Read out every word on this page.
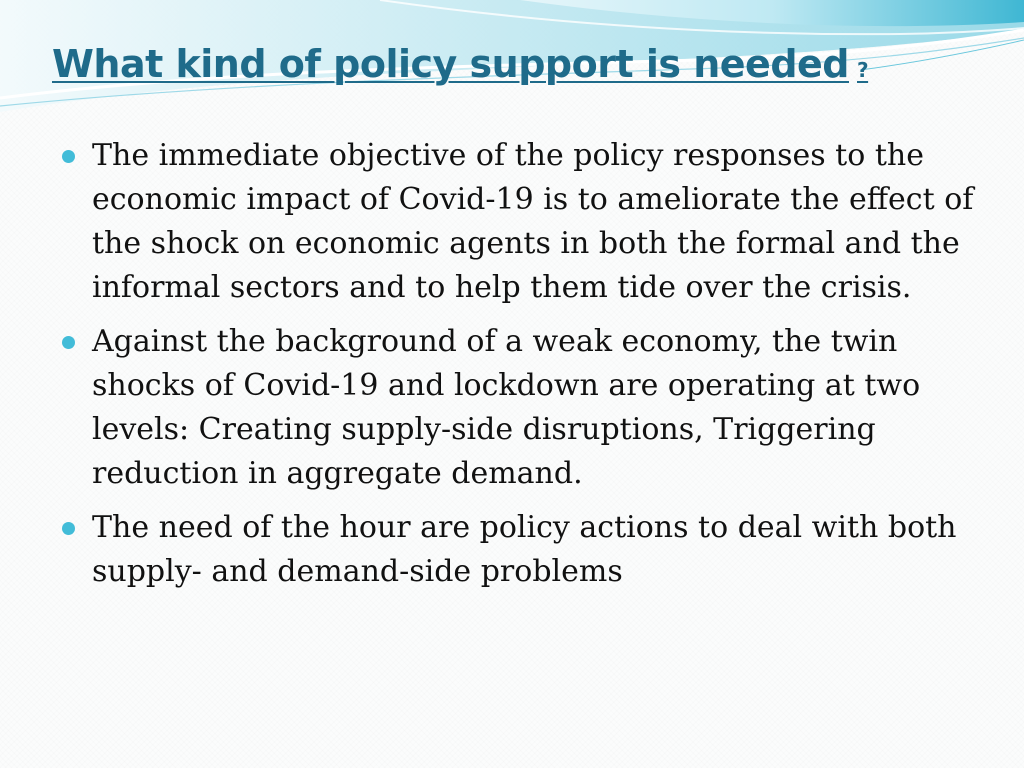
What kind of policy support is needed ?
The immediate objective of the policy responses to the economic impact of Covid-19 is to ameliorate the effect of the shock on economic agents in both the formal and the informal sectors and to help them tide over the crisis.
Against the background of a weak economy, the twin shocks of Covid-19 and lockdown are operating at two levels: Creating supply-side disruptions, Triggering reduction in aggregate demand.
The need of the hour are policy actions to deal with both supply- and demand-side problems
